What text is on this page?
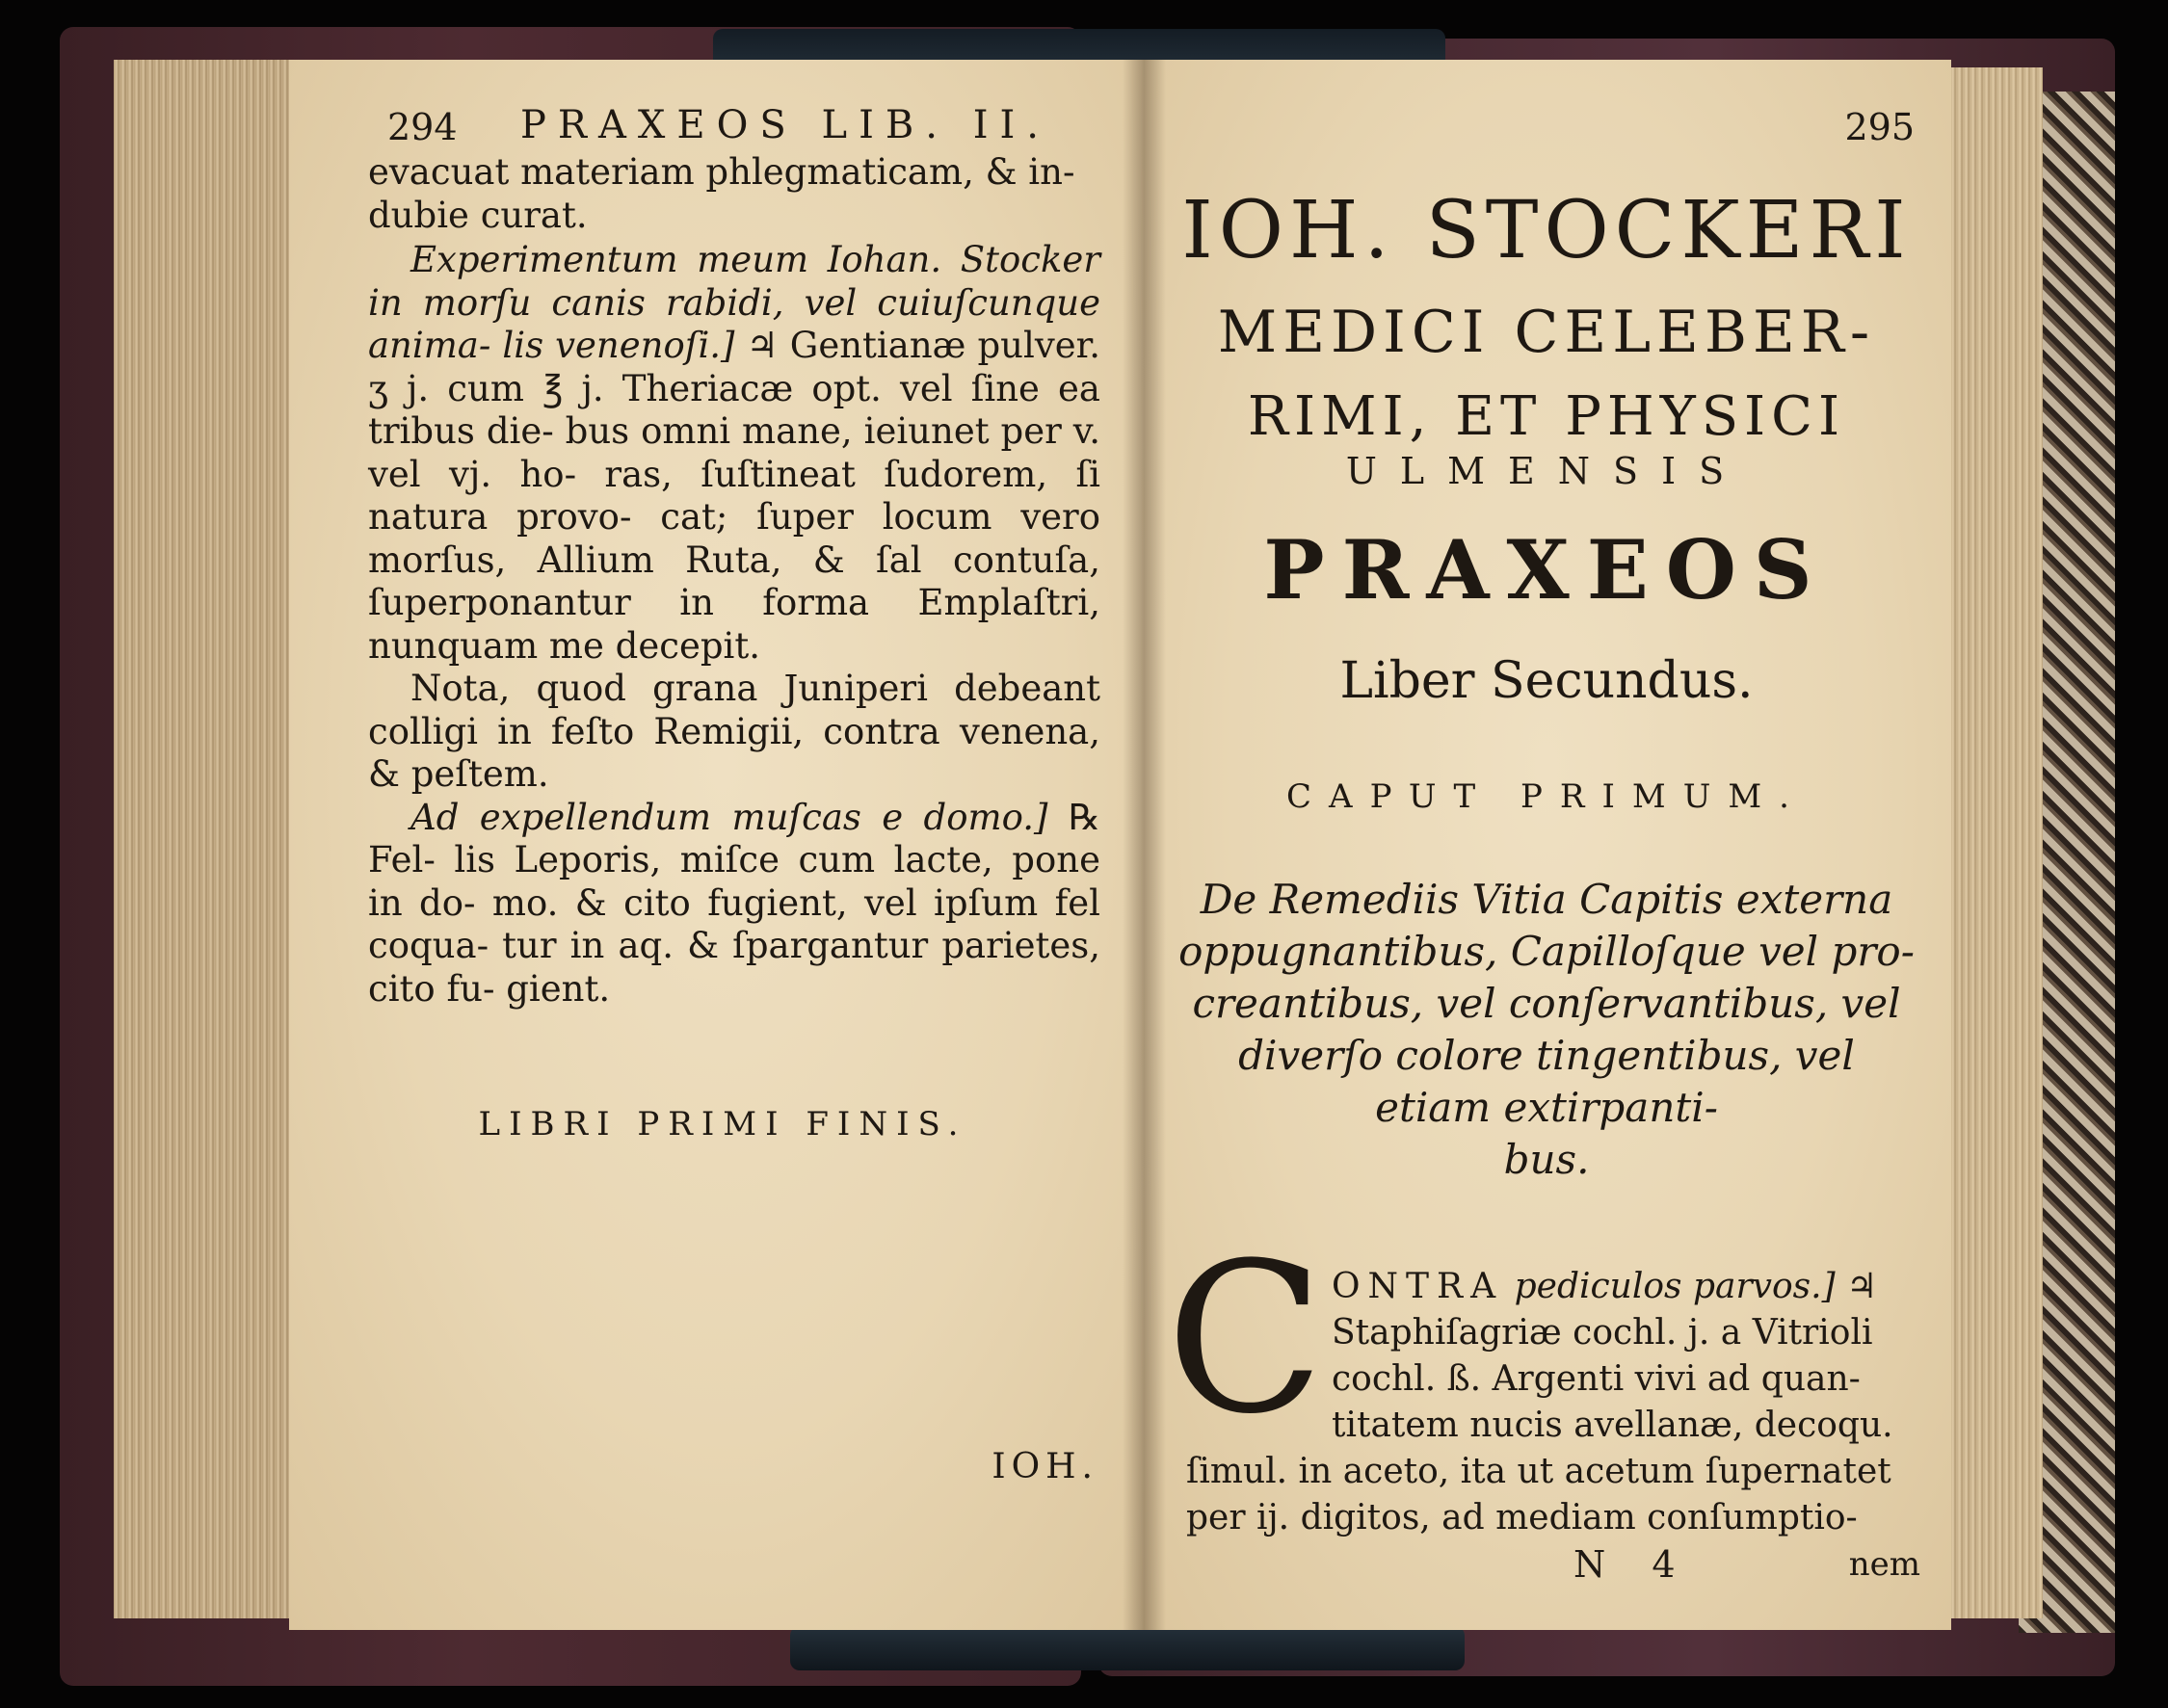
294 PRAXEOS LIB. II.

evacuat materiam phlegmaticam, & in-
dubie curat.

Experimentum meum Iohan. Stocker in morſu canis rabidi, vel cuiuſcunque anima- lis venenoſi.] ♃ Gentianæ pulver. ʒ j. cum ℥ j. Theriacæ opt. vel ſine ea tribus die- bus omni mane, ieiunet per v. vel vj. ho- ras, ſuſtineat ſudorem, ſi natura provo- cat; ſuper locum vero morſus, Allium Ruta, & ſal contuſa, ſuperponantur in forma Emplaſtri, nunquam me decepit.

Nota, quod grana Juniperi debeant colligi in feſto Remigii, contra venena, & peſtem.

Ad expellendum muſcas e domo.] ℞ Fel- lis Leporis, miſce cum lacte, pone in do- mo. & cito fugient, vel ipſum fel coqua- tur in aq. & ſpargantur parietes, cito fu- gient.

LIBRI PRIMI FINIS.
IOH.
295
IOH. STOCKERI
MEDICI CELEBER-
RIMI, ET PHYSICI
ULMENSIS
PRAXEOS
Liber Secundus.
CAPUT PRIMUM.
De Remediis Vitia Capitis externa
oppugnantibus, Capilloſque vel pro-
creantibus, vel conſervantibus, vel
diverſo colore tingentibus, vel
etiam extirpanti-
bus.
C ONTRA pediculos parvos.] ♃
Staphiſagriæ cochl. j. a Vitrioli
cochl. ß. Argenti vivi ad quan-
titatem nucis avellanæ, decoqu.
ſimul. in aceto, ita ut acetum ſupernatet
per ij. digitos, ad mediam conſumptio-
N 4	nem
